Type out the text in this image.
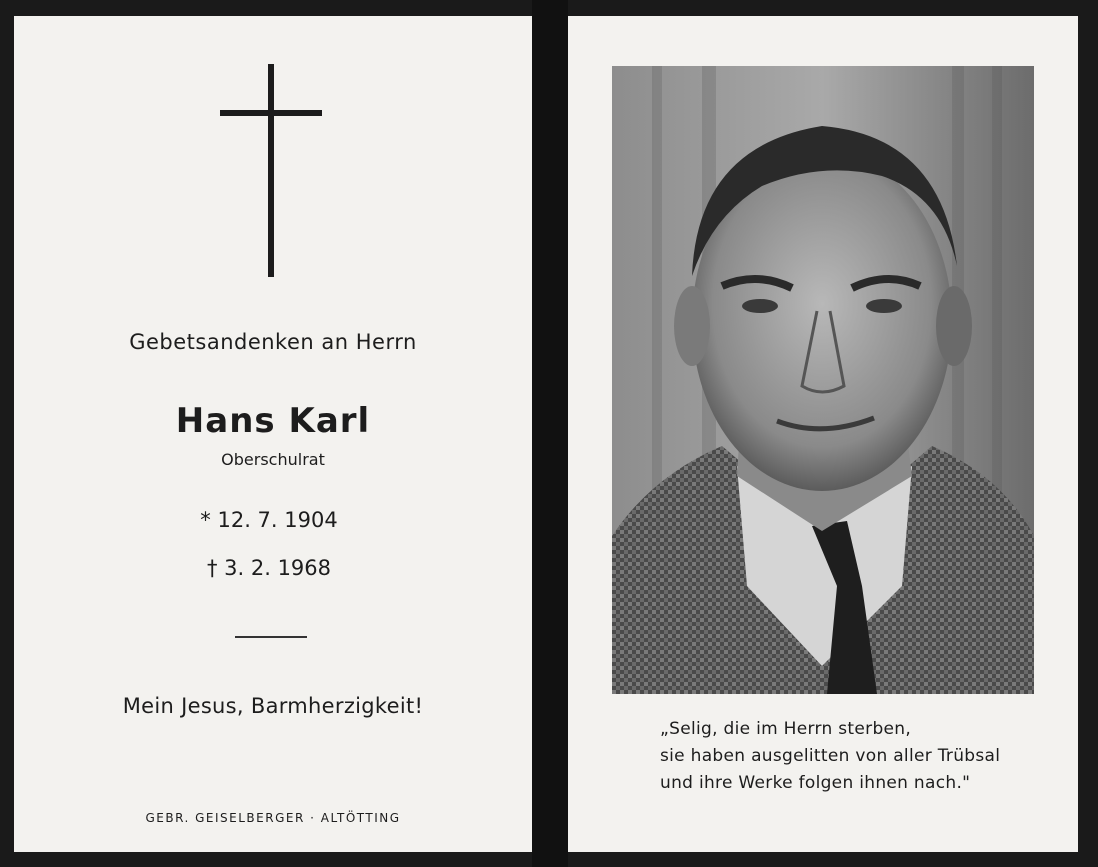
Gebetsandenken an Herrn
Hans Karl
Oberschulrat
* 12. 7. 1904
† 3. 2. 1968
Mein Jesus, Barmherzigkeit!
GEBR. GEISELBERGER · ALTÖTTING
„Selig, die im Herrn sterben,
sie haben ausgelitten von aller Trübsal
und ihre Werke folgen ihnen nach."
